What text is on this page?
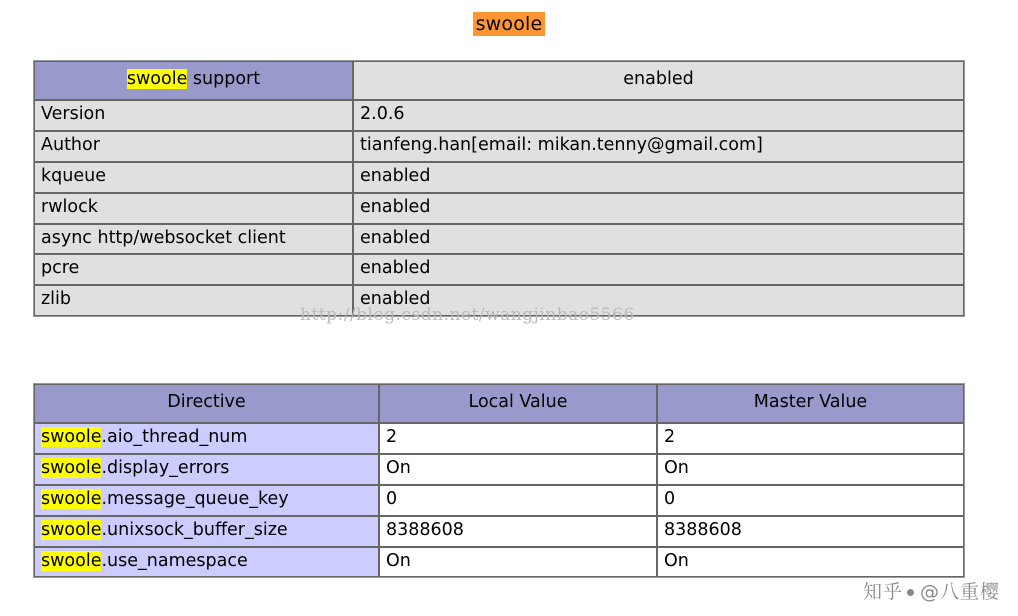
swoole
swoole support	enabled
Version	2.0.6
Author	tianfeng.han[email: mikan.tenny@gmail.com]
kqueue	enabled
rwlock	enabled
async http/websocket client	enabled
pcre	enabled
zlib	enabled
Directive	Local Value	Master Value
swoole.aio_thread_num	2	2
swoole.display_errors	On	On
swoole.message_queue_key	0	0
swoole.unixsock_buffer_size	8388608	8388608
swoole.use_namespace	On	On
http://blog.csdn.net/wangjinbao5566
知乎 @八重樱
